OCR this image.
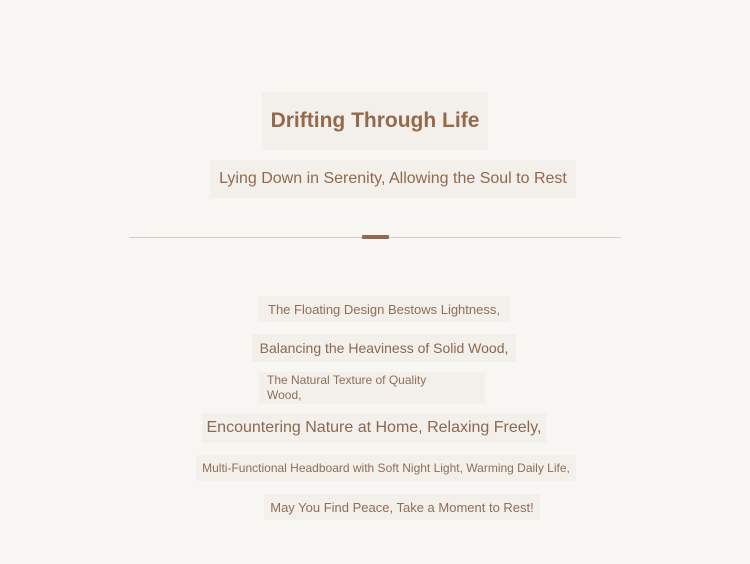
Drifting Through Life
Lying Down in Serenity, Allowing the Soul to Rest
The Floating Design Bestows Lightness,
Balancing the Heaviness of Solid Wood,
The Natural Texture of Quality Wood,
Encountering Nature at Home, Relaxing Freely,
Multi-Functional Headboard with Soft Night Light, Warming Daily Life,
May You Find Peace, Take a Moment to Rest!
